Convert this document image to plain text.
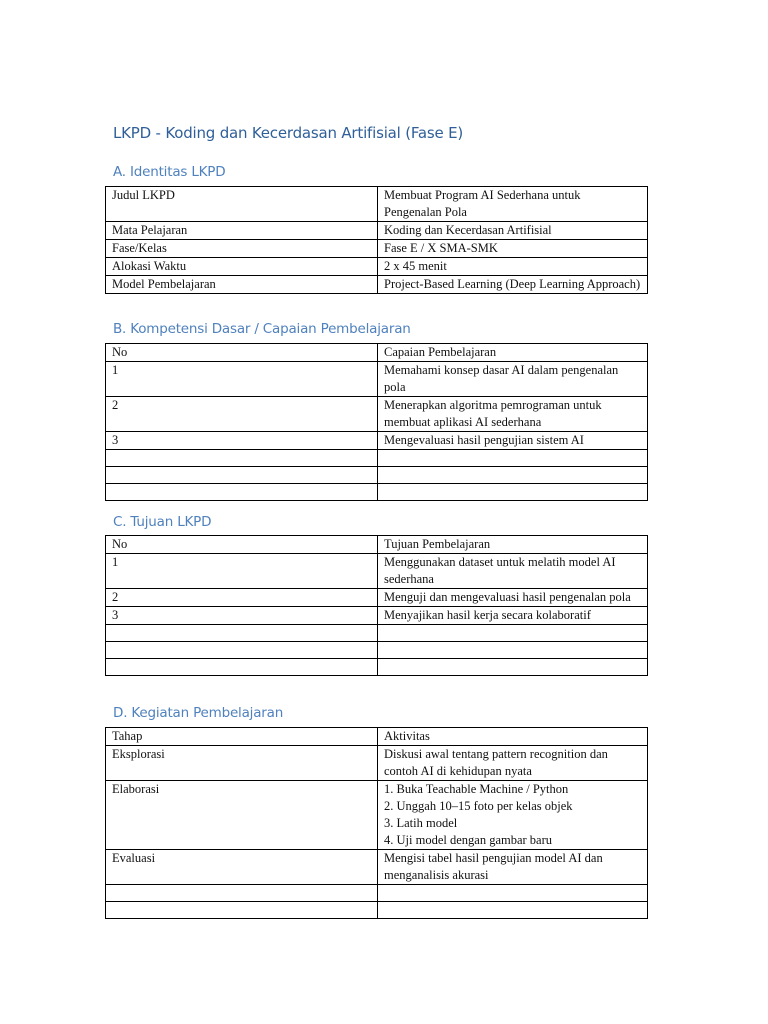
LKPD - Koding dan Kecerdasan Artifisial (Fase E)
A. Identitas LKPD
Judul LKPD	Membuat Program AI Sederhana untuk Pengenalan Pola
Mata Pelajaran	Koding dan Kecerdasan Artifisial
Fase/Kelas	Fase E / X SMA-SMK
Alokasi Waktu	2 x 45 menit
Model Pembelajaran	Project-Based Learning (Deep Learning Approach)
B. Kompetensi Dasar / Capaian Pembelajaran
No	Capaian Pembelajaran
1	Memahami konsep dasar AI dalam pengenalan pola
2	Menerapkan algoritma pemrograman untuk membuat aplikasi AI sederhana
3	Mengevaluasi hasil pengujian sistem AI

C. Tujuan LKPD
No	Tujuan Pembelajaran
1	Menggunakan dataset untuk melatih model AI sederhana
2	Menguji dan mengevaluasi hasil pengenalan pola
3	Menyajikan hasil kerja secara kolaboratif

D. Kegiatan Pembelajaran
Tahap	Aktivitas
Eksplorasi	Diskusi awal tentang pattern recognition dan contoh AI di kehidupan nyata
Elaborasi	1. Buka Teachable Machine / Python
2. Unggah 10–15 foto per kelas objek
3. Latih model
4. Uji model dengan gambar baru
Evaluasi	Mengisi tabel hasil pengujian model AI dan menganalisis akurasi
